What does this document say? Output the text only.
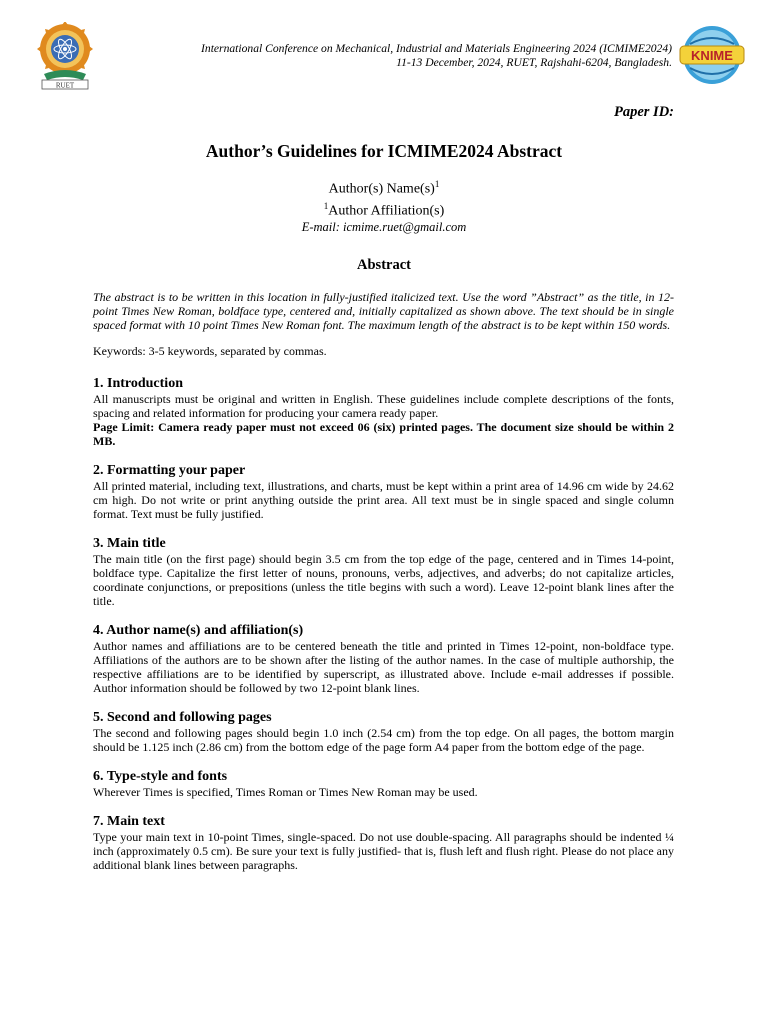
RUET
International Conference on Mechanical, Industrial and Materials Engineering 2024 (ICMIME2024)
11-13 December, 2024, RUET, Rajshahi-6204, Bangladesh. KNIME
Paper ID:
Author’s Guidelines for ICMIME2024 Abstract
Author(s) $Name(s)^1$
$^1$Author Affiliation(s)
E-mail: icmime.ruet@gmail.com
Abstract

The abstract is to be written in this location in fully-justified italicized text. Use the word ”Abstract” as the title, in 12-point Times New Roman, boldface type, centered and, initially capitalized as shown above. The text should be in single spaced format with 10 point Times New Roman font. The maximum length of the abstract is to be kept within 150 words.

Keywords: 3-5 keywords, separated by commas.

1. Introduction

All manuscripts must be original and written in English. These guidelines include complete descriptions of the fonts, spacing and related information for producing your camera ready paper.

Page Limit: Camera ready paper must not exceed 06 (six) printed pages. The document size should be within 2 MB.

2. Formatting your paper

All printed material, including text, illustrations, and charts, must be kept within a print area of 14.96 cm wide by 24.62 cm high. Do not write or print anything outside the print area. All text must be in single spaced and single column format. Text must be fully justified.

3. Main title

The main title (on the first page) should begin 3.5 cm from the top edge of the page, centered and in Times 14-point, boldface type. Capitalize the first letter of nouns, pronouns, verbs, adjectives, and adverbs; do not capitalize articles, coordinate conjunctions, or prepositions (unless the title begins with such a word). Leave 12-point blank lines after the title.

4. Author name(s) and affiliation(s)

Author names and affiliations are to be centered beneath the title and printed in Times 12-point, non-boldface type. Affiliations of the authors are to be shown after the listing of the author names. In the case of multiple authorship, the respective affiliations are to be identified by superscript, as illustrated above. Include e-mail addresses if possible. Author information should be followed by two 12-point blank lines.

5. Second and following pages

The second and following pages should begin 1.0 inch (2.54 cm) from the top edge. On all pages, the bottom margin should be 1.125 inch (2.86 cm) from the bottom edge of the page form A4 paper from the bottom edge of the page.

6. Type-style and fonts

Wherever Times is specified, Times Roman or Times New Roman may be used.

7. Main text

Type your main text in 10-point Times, single-spaced. Do not use double-spacing. All paragraphs should be indented ¼ inch (approximately 0.5 cm). Be sure your text is fully justified- that is, flush left and flush right. Please do not place any additional blank lines between paragraphs.
